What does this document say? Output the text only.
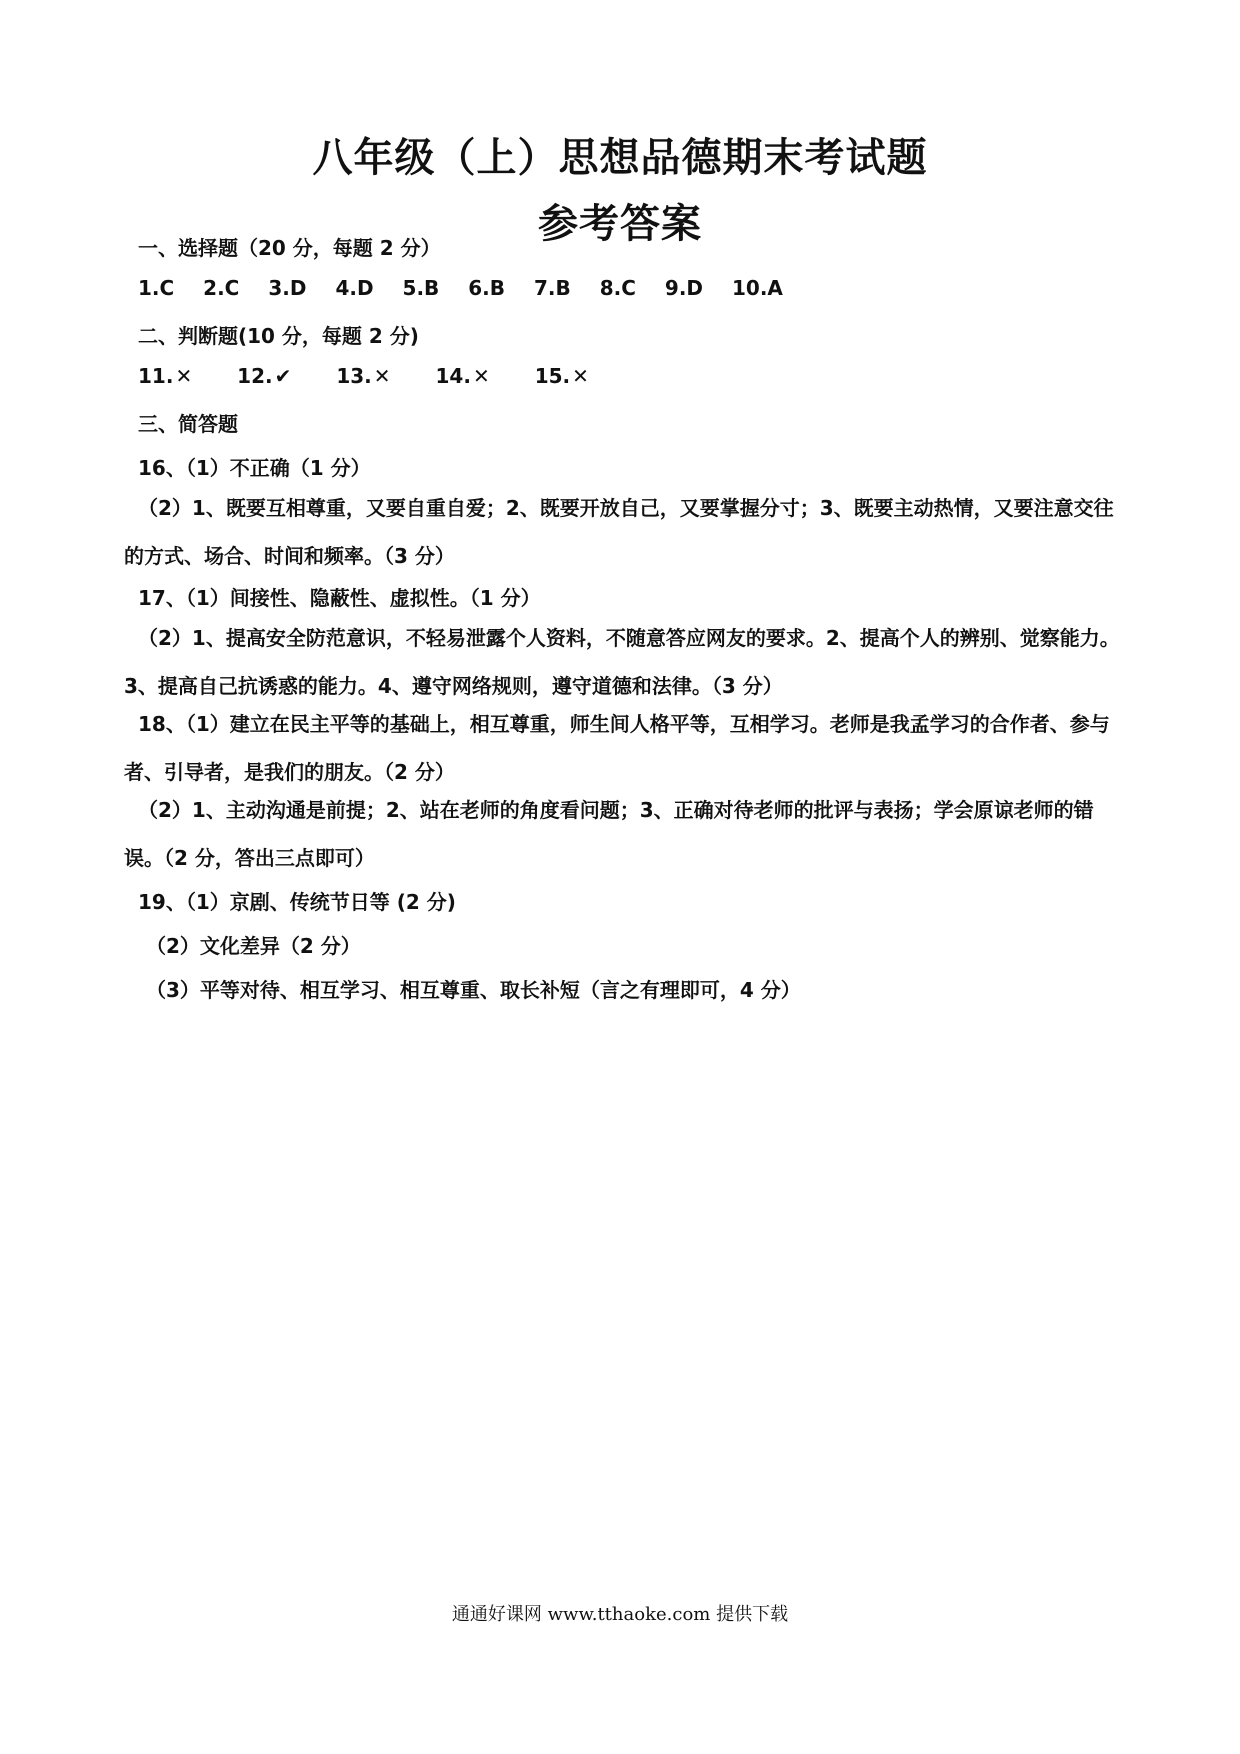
八年级（上）思想品德期末考试题
参考答案
一、选择题（20 分，每题 2 分）
1.C 2.C 3.D 4.D 5.B 6.B 7.B 8.C 9.D 10.A
二、判断题(10 分，每题 2 分)
11. ✕ 12. ✔ 13. ✕ 14. ✕ 15. ✕
三、简答题
16、（1）不正确（1 分）
（2）1、既要互相尊重，又要自重自爱；2、既要开放自己，又要掌握分寸；3、既要主动热情，又要注意交往的方式、场合、时间和频率。（3 分）
17、（1）间接性、隐蔽性、虚拟性。（1 分）
（2）1、提高安全防范意识，不轻易泄露个人资料，不随意答应网友的要求。2、提高个人的辨别、觉察能力。3、提高自己抗诱惑的能力。4、遵守网络规则，遵守道德和法律。（3 分）
18、（1）建立在民主平等的基础上，相互尊重，师生间人格平等，互相学习。老师是我孟学习的合作者、参与者、引导者，是我们的朋友。（2 分）
（2）1、主动沟通是前提；2、站在老师的角度看问题；3、正确对待老师的批评与表扬；学会原谅老师的错误。（2 分，答出三点即可）
19、（1）京剧、传统节日等 (2 分)
（2）文化差异（2 分）
（3）平等对待、相互学习、相互尊重、取长补短（言之有理即可，4 分）
通通好课网 www.tthaoke.com 提供下载
